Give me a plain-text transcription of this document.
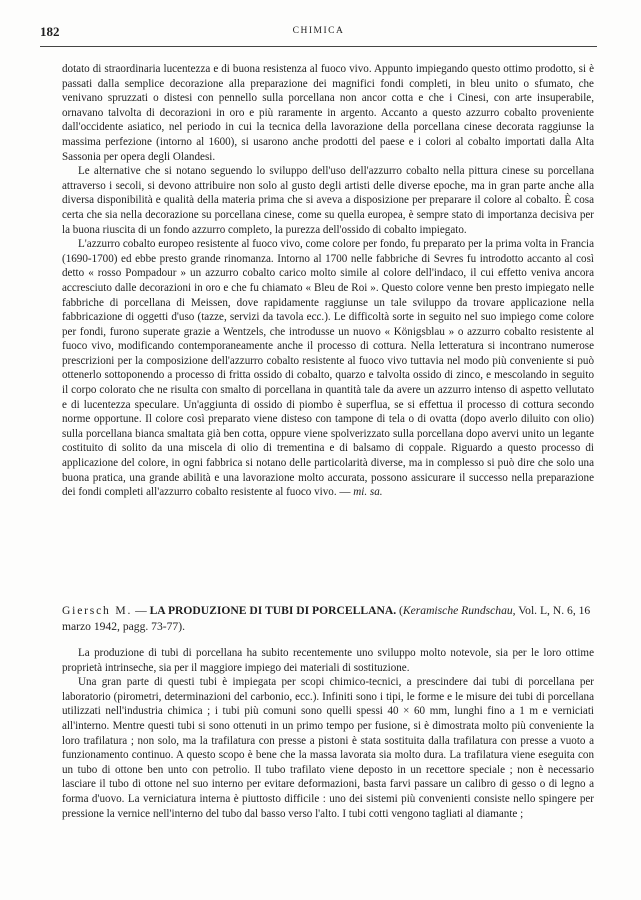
182	CHIMICA

dotato di straordinaria lucentezza e di buona resistenza al fuoco vivo. Appunto impiegando questo ottimo prodotto, si è passati dalla semplice decorazione alla preparazione dei magnifici fondi completi, in bleu unito o sfumato, che venivano spruzzati o distesi con pennello sulla porcellana non ancor cotta e che i Cinesi, con arte insuperabile, ornavano talvolta di decorazioni in oro e più raramente in argento. Accanto a questo azzurro cobalto proveniente dall'occidente asiatico, nel periodo in cui la tecnica della lavorazione della porcellana cinese decorata raggiunse la massima perfezione (intorno al 1600), si usarono anche prodotti del paese e i colori al cobalto importati dalla Alta Sassonia per opera degli Olandesi.

Le alternative che si notano seguendo lo sviluppo dell'uso dell'azzurro cobalto nella pittura cinese su porcellana attraverso i secoli, si devono attribuire non solo al gusto degli artisti delle diverse epoche, ma in gran parte anche alla diversa disponibilità e qualità della materia prima che si aveva a disposizione per preparare il colore al cobalto. È cosa certa che sia nella decorazione su porcellana cinese, come su quella europea, è sempre stato di importanza decisiva per la buona riuscita di un fondo azzurro completo, la purezza dell'ossido di cobalto impiegato.

L'azzurro cobalto europeo resistente al fuoco vivo, come colore per fondo, fu preparato per la prima volta in Francia (1690-1700) ed ebbe presto grande rinomanza. Intorno al 1700 nelle fabbriche di Sevres fu introdotto accanto al così detto « rosso Pompadour » un azzurro cobalto carico molto simile al colore dell'indaco, il cui effetto veniva ancora accresciuto dalle decorazioni in oro e che fu chiamato « Bleu de Roi ». Questo colore venne ben presto impiegato nelle fabbriche di porcellana di Meissen, dove rapidamente raggiunse un tale sviluppo da trovare applicazione nella fabbricazione di oggetti d'uso (tazze, servizi da tavola ecc.). Le difficoltà sorte in seguito nel suo impiego come colore per fondi, furono superate grazie a Wentzels, che introdusse un nuovo « Königsblau » o azzurro cobalto resistente al fuoco vivo, modificando contemporaneamente anche il processo di cottura. Nella letteratura si incontrano numerose prescrizioni per la composizione dell'azzurro cobalto resistente al fuoco vivo tuttavia nel modo più conveniente si può ottenerlo sottoponendo a processo di fritta ossido di cobalto, quarzo e talvolta ossido di zinco, e mescolando in seguito il corpo colorato che ne risulta con smalto di porcellana in quantità tale da avere un azzurro intenso di aspetto vellutato e di lucentezza speculare. Un'aggiunta di ossido di piombo è superflua, se si effettua il processo di cottura secondo norme opportune. Il colore così preparato viene disteso con tampone di tela o di ovatta (dopo averlo diluito con olio) sulla porcellana bianca smaltata già ben cotta, oppure viene spolverizzato sulla porcellana dopo avervi unito un legante costituito di solito da una miscela di olio di trementina e di balsamo di coppale. Riguardo a questo processo di applicazione del colore, in ogni fabbrica si notano delle particolarità diverse, ma in complesso si può dire che solo una buona pratica, una grande abilità e una lavorazione molto accurata, possono assicurare il successo nella preparazione dei fondi completi all'azzurro cobalto resistente al fuoco vivo. — mi. sa.

Giersch M. — LA PRODUZIONE DI TUBI DI PORCELLANA. (Keramische Rundschau, Vol. L, N. 6, 16 marzo 1942, pagg. 73-77).

La produzione di tubi di porcellana ha subito recentemente uno sviluppo molto notevole, sia per le loro ottime proprietà intrinseche, sia per il maggiore impiego dei materiali di sostituzione.

Una gran parte di questi tubi è impiegata per scopi chimico-tecnici, a prescindere dai tubi di porcellana per laboratorio (pirometri, determinazioni del carbonio, ecc.). Infiniti sono i tipi, le forme e le misure dei tubi di porcellana utilizzati nell'industria chimica ; i tubi più comuni sono quelli spessi 40 × 60 mm, lunghi fino a 1 m e verniciati all'interno. Mentre questi tubi si sono ottenuti in un primo tempo per fusione, si è dimostrata molto più conveniente la loro trafilatura ; non solo, ma la trafilatura con presse a pistoni è stata sostituita dalla trafilatura con presse a vuoto a funzionamento continuo. A questo scopo è bene che la massa lavorata sia molto dura. La trafilatura viene eseguita con un tubo di ottone ben unto con petrolio. Il tubo trafilato viene deposto in un recettore speciale ; non è necessario lasciare il tubo di ottone nel suo interno per evitare deformazioni, basta farvi passare un calibro di gesso o di legno a forma d'uovo. La verniciatura interna è piuttosto difficile : uno dei sistemi più convenienti consiste nello spingere per pressione la vernice nell'interno del tubo dal basso verso l'alto. I tubi cotti vengono tagliati al diamante ;
